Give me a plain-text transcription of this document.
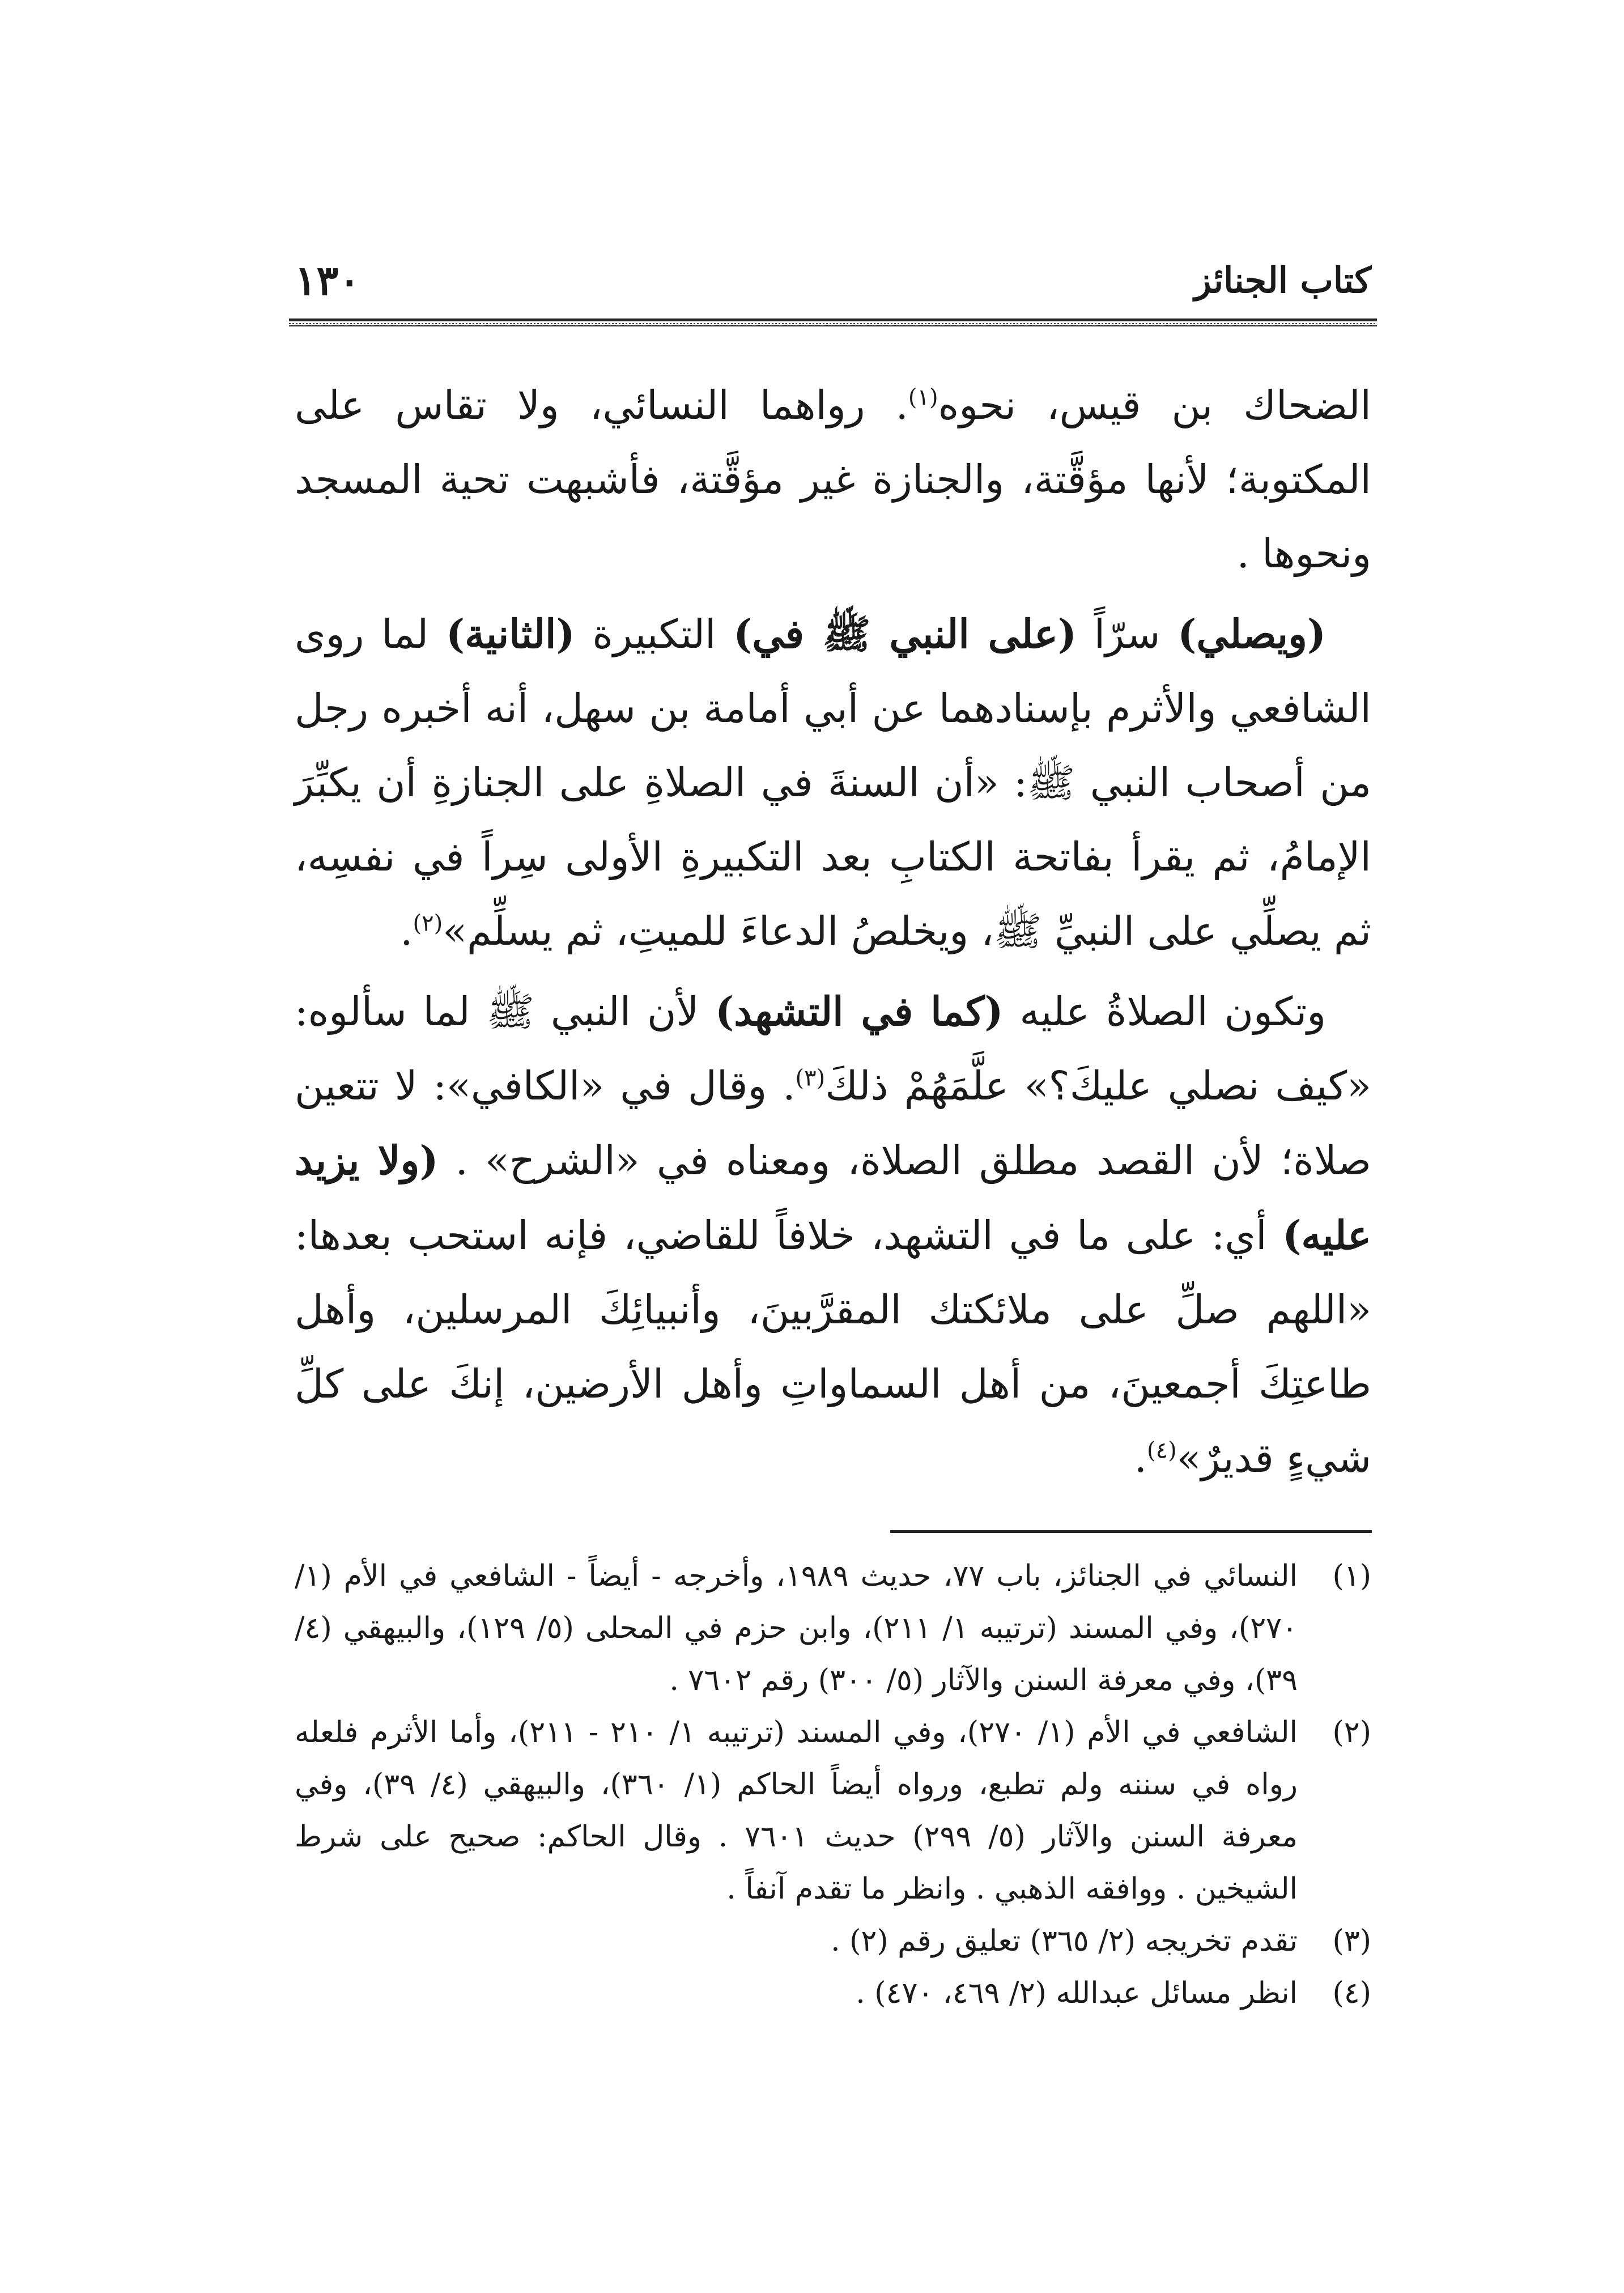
كتاب الجنائز
١٣٠

الضحاك بن قيس، نحوه$^{(١)}$. رواهما النسائي، ولا تقاس على المكتوبة؛ لأنها مؤقَّتة، والجنازة غير مؤقَّتة، فأشبهت تحية المسجد ونحوها .

(ويصلي) سرّاً (على النبي ﷺ في) التكبيرة (الثانية) لما روى الشافعي والأثرم بإسنادهما عن أبي أمامة بن سهل، أنه أخبره رجل من أصحاب النبي ﷺ: «أن السنةَ في الصلاةِ على الجنازةِ أن يكبِّرَ الإمامُ، ثم يقرأ بفاتحة الكتابِ بعد التكبيرةِ الأولى سِراً في نفسِه، ثم يصلِّي على النبيِّ ﷺ، ويخلصُ الدعاءَ للميتِ، ثم يسلِّم»$^{(٢)}$.

وتكون الصلاةُ عليه (كما في التشهد) لأن النبي ﷺ لما سألوه: «كيف نصلي عليكَ؟» علَّمَهُمْ ذلكَ$^{(٣)}$. وقال في «الكافي»: لا تتعين صلاة؛ لأن القصد مطلق الصلاة، ومعناه في «الشرح» . (ولا يزيد عليه) أي: على ما في التشهد، خلافاً للقاضي، فإنه استحب بعدها: «اللهم صلِّ على ملائكتك المقرَّبينَ، وأنبيائِكَ المرسلين، وأهل طاعتِكَ أجمعينَ، من أهل السماواتِ وأهل الأرضين، إنكَ على كلِّ شيءٍ قديرٌ»$^{(٤)}$.

(١)
النسائي في الجنائز، باب ٧٧، حديث ١٩٨٩، وأخرجه - أيضاً - الشافعي في الأم (١/ ٢٧٠)، وفي المسند (ترتيبه ١/ ٢١١)، وابن حزم في المحلى (٥/ ١٢٩)، والبيهقي (٤/ ٣٩)، وفي معرفة السنن والآثار (٥/ ٣٠٠) رقم ٧٦٠٢ .

(٢)
الشافعي في الأم (١/ ٢٧٠)، وفي المسند (ترتيبه ١/ ٢١٠ - ٢١١)، وأما الأثرم فلعله رواه في سننه ولم تطبع، ورواه أيضاً الحاكم (١/ ٣٦٠)، والبيهقي (٤/ ٣٩)، وفي معرفة السنن والآثار (٥/ ٢٩٩) حديث ٧٦٠١ . وقال الحاكم: صحيح على شرط الشيخين . ووافقه الذهبي . وانظر ما تقدم آنفاً .

(٣)
تقدم تخريجه (٢/ ٣٦٥) تعليق رقم (٢) .

(٤)
انظر مسائل عبدالله (٢/ ٤٦٩، ٤٧٠) .
